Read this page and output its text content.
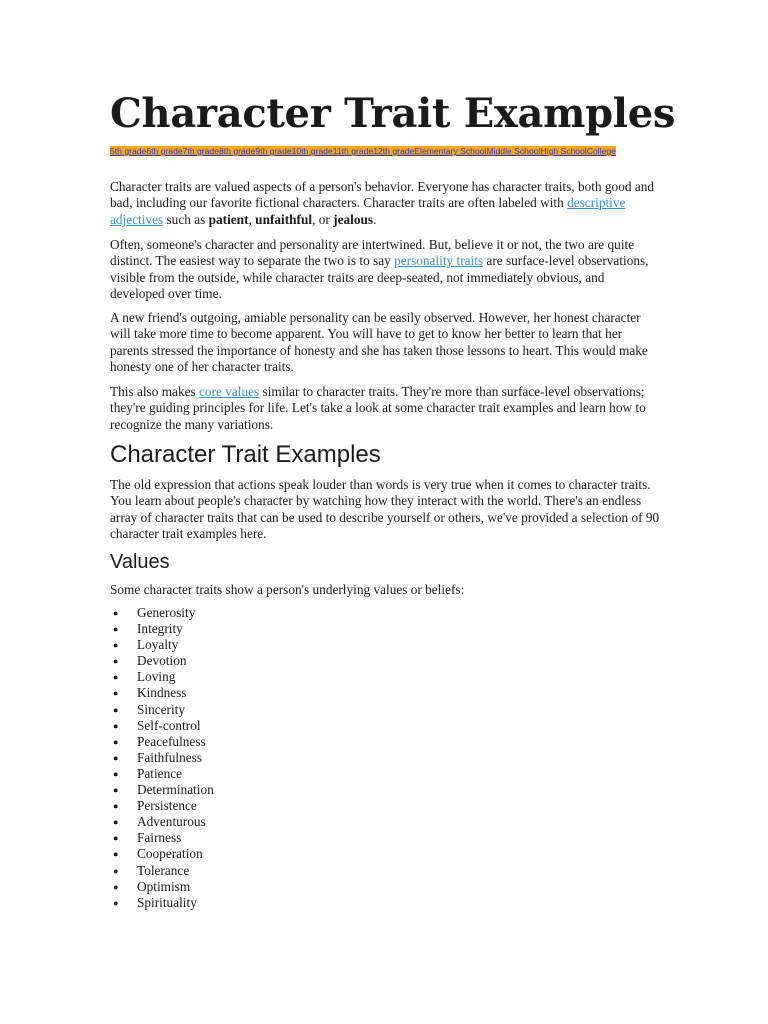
Character Trait Examples
5th grade6th grade7th grade8th grade9th grade10th grade11th grade12th gradeElementary SchoolMiddle SchoolHigh SchoolCollege

Character traits are valued aspects of a person's behavior. Everyone has character traits, both good and bad, including our favorite fictional characters. Character traits are often labeled with descriptive adjectives such as patient, unfaithful, or jealous.

Often, someone's character and personality are intertwined. But, believe it or not, the two are quite distinct. The easiest way to separate the two is to say personality traits are surface-level observations, visible from the outside, while character traits are deep-seated, not immediately obvious, and developed over time.

A new friend's outgoing, amiable personality can be easily observed. However, her honest character will take more time to become apparent. You will have to get to know her better to learn that her parents stressed the importance of honesty and she has taken those lessons to heart. This would make honesty one of her character traits.

This also makes core values similar to character traits. They're more than surface-level observations; they're guiding principles for life. Let's take a look at some character trait examples and learn how to recognize the many variations.

Character Trait Examples

The old expression that actions speak louder than words is very true when it comes to character traits. You learn about people's character by watching how they interact with the world. There's an endless array of character traits that can be used to describe yourself or others, we've provided a selection of 90 character trait examples here.

Values

Some character traits show a person's underlying values or beliefs:

● Generosity
● Integrity
● Loyalty
● Devotion
● Loving
● Kindness
● Sincerity
● Self-control
● Peacefulness
● Faithfulness
● Patience
● Determination
● Persistence
● Adventurous
● Fairness
● Cooperation
● Tolerance
● Optimism
● Spirituality
